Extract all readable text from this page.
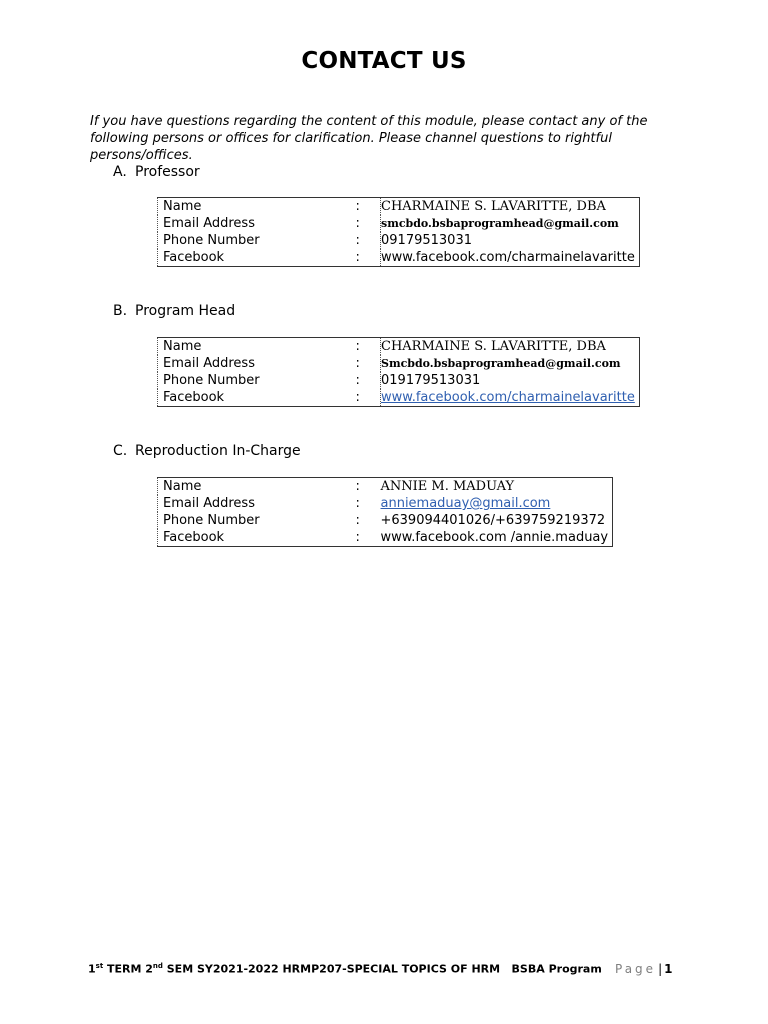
CONTACT US
If you have questions regarding the content of this module, please contact any of the following persons or offices for clarification. Please channel questions to rightful persons/offices.
A. Professor
Name	:	CHARMAINE S. LAVARITTE, DBA
Email Address	:	smcbdo.bsbaprogramhead@gmail.com
Phone Number	:	09179513031
Facebook	:	www.facebook.com/charmainelavaritte
B. Program Head
Name	:	CHARMAINE S. LAVARITTE, DBA
Email Address	:	Smcbdo.bsbaprogramhead@gmail.com
Phone Number	:	019179513031
Facebook	:	www.facebook.com/charmainelavaritte
C. Reproduction In-Charge
Name	:	ANNIE M. MADUAY
Email Address	:	anniemaduay@gmail.com
Phone Number	:	+639094401026/+639759219372
Facebook	:	www.facebook.com /annie.maduay
1st TERM 2nd SEM SY2021-2022 HRMP207-SPECIAL TOPICS OF HRM   BSBA Program	Page | 1
